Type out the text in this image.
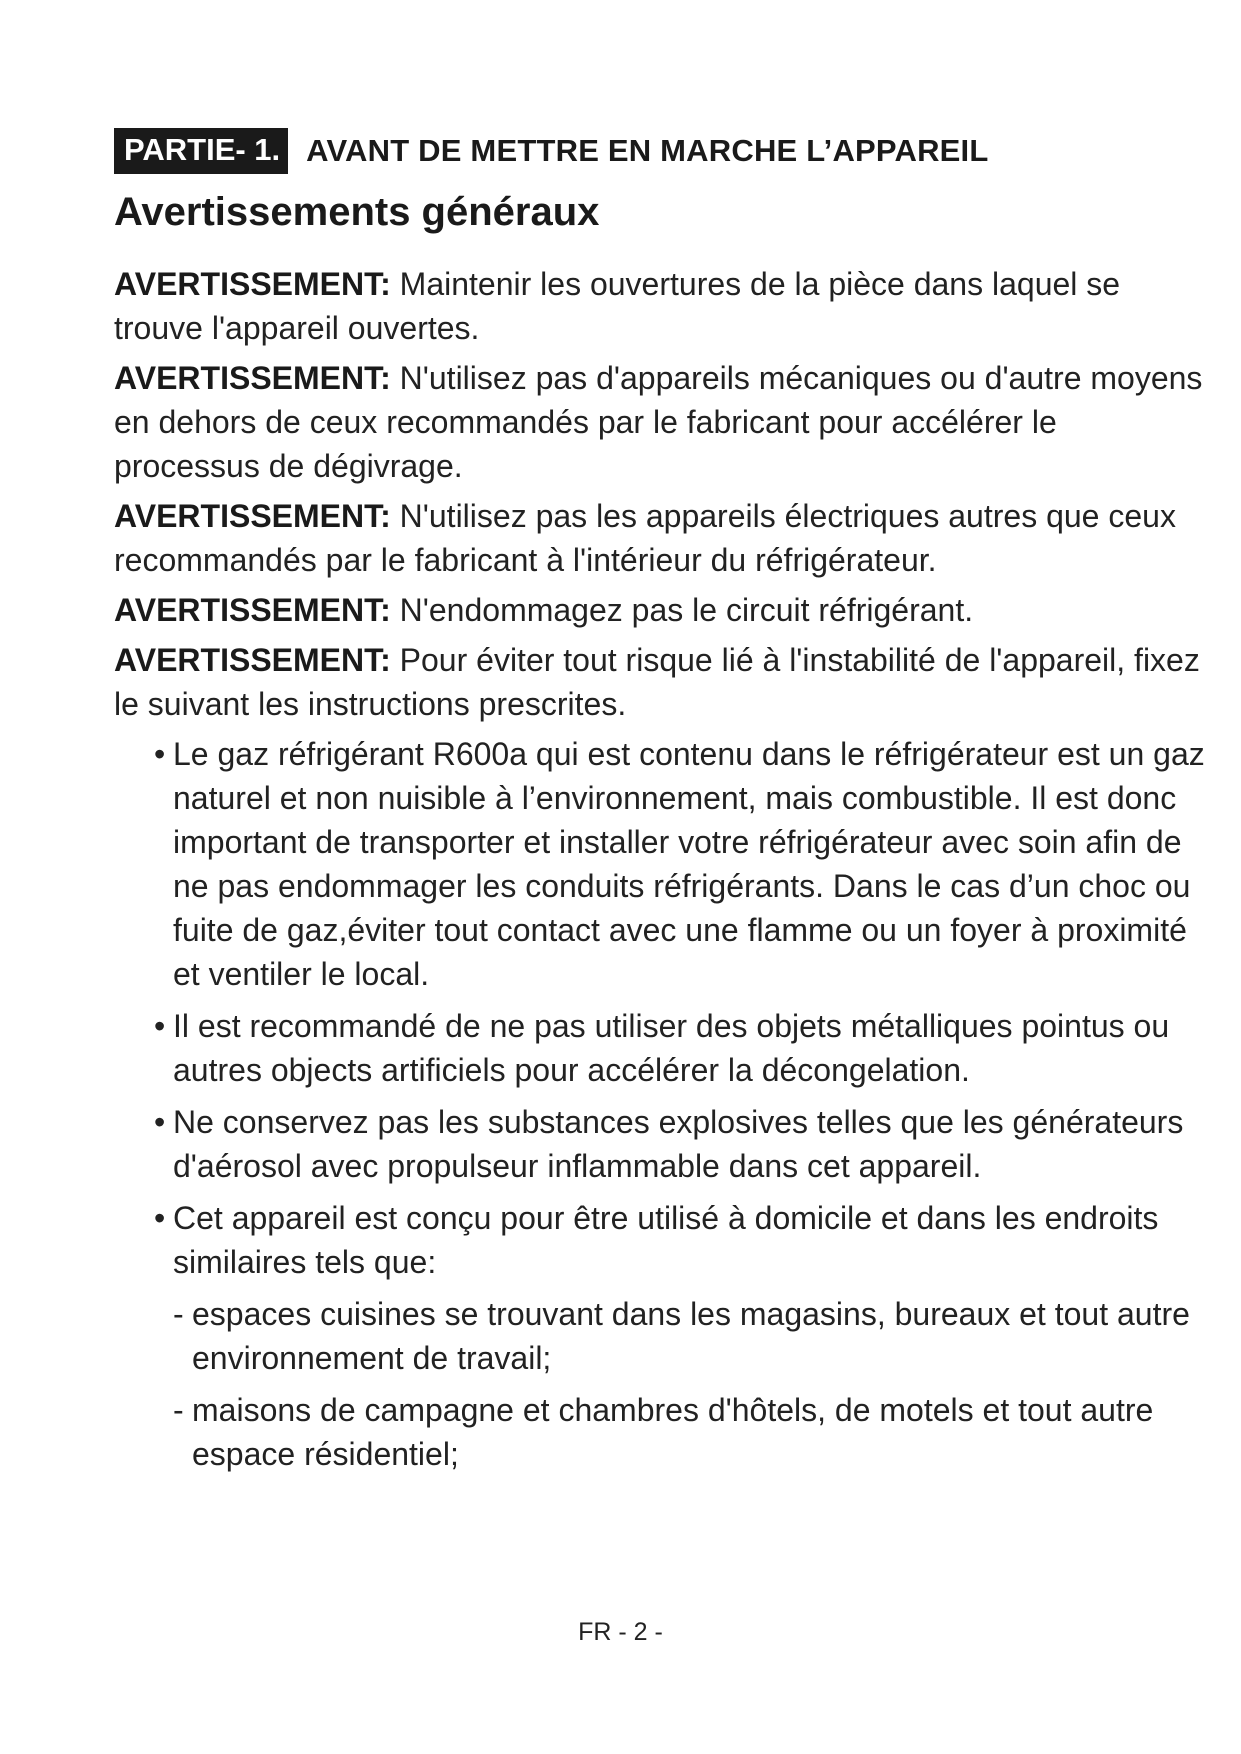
PARTIE- 1. AVANT DE METTRE EN MARCHE L’APPAREIL
Avertissements généraux

AVERTISSEMENT: Maintenir les ouvertures de la pièce dans laquel se trouve l'appareil ouvertes.

AVERTISSEMENT: N'utilisez pas d'appareils mécaniques ou d'autre moyens en dehors de ceux recommandés par le fabricant pour accélérer le processus de dégivrage.

AVERTISSEMENT: N'utilisez pas les appareils électriques autres que ceux recommandés par le fabricant à l'intérieur du réfrigérateur.

AVERTISSEMENT: N'endommagez pas le circuit réfrigérant.

AVERTISSEMENT: Pour éviter tout risque lié à l'instabilité de l'appareil, fixez le suivant les instructions prescrites.

• Le gaz réfrigérant R600a qui est contenu dans le réfrigérateur est un gaz naturel et non nuisible à l’environnement, mais combustible. Il est donc important de transporter et installer votre réfrigérateur avec soin afin de ne pas endommager les conduits réfrigérants. Dans le cas d’un choc ou fuite de gaz,éviter tout contact avec une flamme ou un foyer à proximité et ventiler le local.
• Il est recommandé de ne pas utiliser des objets métalliques pointus ou autres objects artificiels pour accélérer la décongelation.
• Ne conservez pas les substances explosives telles que les générateurs d'aérosol avec propulseur inflammable dans cet appareil.
• Cet appareil est conçu pour être utilisé à domicile et dans les endroits similaires tels que:
- espaces cuisines se trouvant dans les magasins, bureaux et tout autre environnement de travail;
- maisons de campagne et chambres d'hôtels, de motels et tout autre espace résidentiel;
FR - 2 -
